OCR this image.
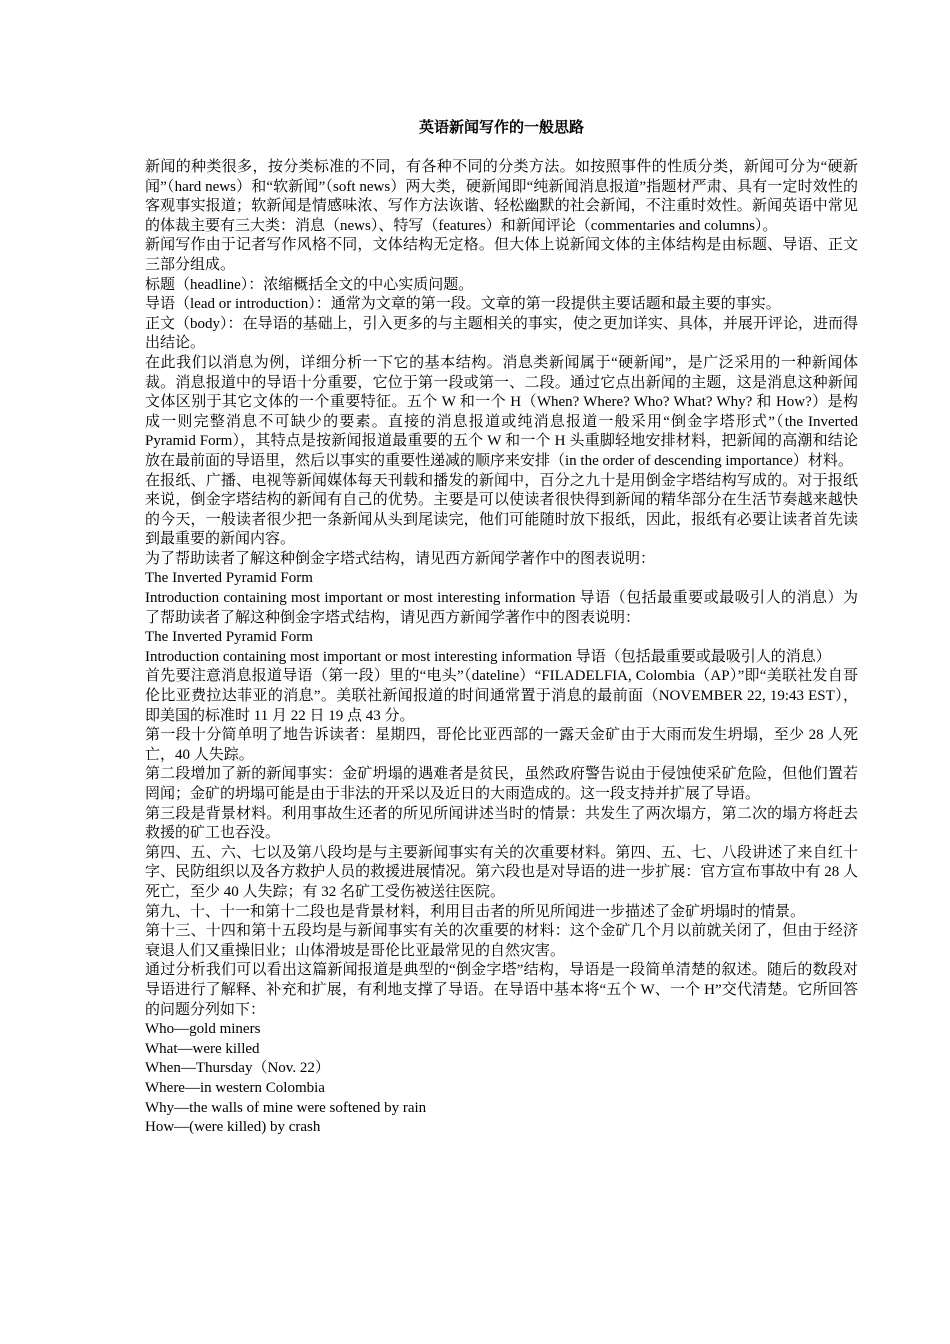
英语新闻写作的一般思路

新闻的种类很多，按分类标准的不同，有各种不同的分类方法。如按照事件的性质分类，新闻可分为“硬新闻”（hard news）和“软新闻”（soft news）两大类，硬新闻即“纯新闻消息报道”指题材严肃、具有一定时效性的客观事实报道；软新闻是情感味浓、写作方法诙谐、轻松幽默的社会新闻，不注重时效性。新闻英语中常见的体裁主要有三大类：消息（news）、特写（features）和新闻评论（commentaries and columns）。

新闻写作由于记者写作风格不同，文体结构无定格。但大体上说新闻文体的主体结构是由标题、导语、正文三部分组成。

标题（headline）：浓缩概括全文的中心实质问题。

导语（lead or introduction）：通常为文章的第一段。文章的第一段提供主要话题和最主要的事实。

正文（body）：在导语的基础上，引入更多的与主题相关的事实，使之更加详实、具体，并展开评论，进而得出结论。

在此我们以消息为例，详细分析一下它的基本结构。消息类新闻属于“硬新闻”，是广泛采用的一种新闻体裁。消息报道中的导语十分重要，它位于第一段或第一、二段。通过它点出新闻的主题，这是消息这种新闻文体区别于其它文体的一个重要特征。五个 W 和一个 H（When? Where? Who? What? Why? 和 How?）是构成一则完整消息不可缺少的要素。直接的消息报道或纯消息报道一般采用“倒金字塔形式”（the Inverted Pyramid Form），其特点是按新闻报道最重要的五个 W 和一个 H 头重脚轻地安排材料，把新闻的高潮和结论放在最前面的导语里，然后以事实的重要性递减的顺序来安排（in the order of descending importance）材料。

在报纸、广播、电视等新闻媒体每天刊载和播发的新闻中，百分之九十是用倒金字塔结构写成的。对于报纸来说，倒金字塔结构的新闻有自己的优势。主要是可以使读者很快得到新闻的精华部分在生活节奏越来越快的今天，一般读者很少把一条新闻从头到尾读完，他们可能随时放下报纸，因此，报纸有必要让读者首先读到最重要的新闻内容。

为了帮助读者了解这种倒金字塔式结构，请见西方新闻学著作中的图表说明：

The Inverted Pyramid Form

Introduction containing most important or most interesting information 导语（包括最重要或最吸引人的消息）为了帮助读者了解这种倒金字塔式结构，请见西方新闻学著作中的图表说明：

The Inverted Pyramid Form

Introduction containing most important or most interesting information 导语（包括最重要或最吸引人的消息）

首先要注意消息报道导语（第一段）里的“电头”（dateline）“FILADELFIA, Colombia（AP）”即“美联社发自哥伦比亚费拉达菲亚的消息”。美联社新闻报道的时间通常置于消息的最前面（NOVEMBER 22, 19:43 EST），即美国的标准时 11 月 22 日 19 点 43 分。

第一段十分简单明了地告诉读者：星期四，哥伦比亚西部的一露天金矿由于大雨而发生坍塌，至少 28 人死亡，40 人失踪。

第二段增加了新的新闻事实：金矿坍塌的遇难者是贫民，虽然政府警告说由于侵蚀使采矿危险，但他们置若罔闻；金矿的坍塌可能是由于非法的开采以及近日的大雨造成的。这一段支持并扩展了导语。

第三段是背景材料。利用事故生还者的所见所闻讲述当时的情景：共发生了两次塌方，第二次的塌方将赶去救援的矿工也吞没。

第四、五、六、七以及第八段均是与主要新闻事实有关的次重要材料。第四、五、七、八段讲述了来自红十字、民防组织以及各方救护人员的救援进展情况。第六段也是对导语的进一步扩展：官方宣布事故中有 28 人死亡，至少 40 人失踪；有 32 名矿工受伤被送往医院。

第九、十、十一和第十二段也是背景材料，利用目击者的所见所闻进一步描述了金矿坍塌时的情景。

第十三、十四和第十五段均是与新闻事实有关的次重要的材料：这个金矿几个月以前就关闭了，但由于经济衰退人们又重操旧业；山体滑坡是哥伦比亚最常见的自然灾害。

通过分析我们可以看出这篇新闻报道是典型的“倒金字塔”结构，导语是一段简单清楚的叙述。随后的数段对导语进行了解释、补充和扩展，有利地支撑了导语。在导语中基本将“五个 W、一个 H”交代清楚。它所回答的问题分列如下：

Who—gold miners

What—were killed

When—Thursday（Nov. 22）

Where—in western Colombia

Why—the walls of mine were softened by rain

How—(were killed) by crash
